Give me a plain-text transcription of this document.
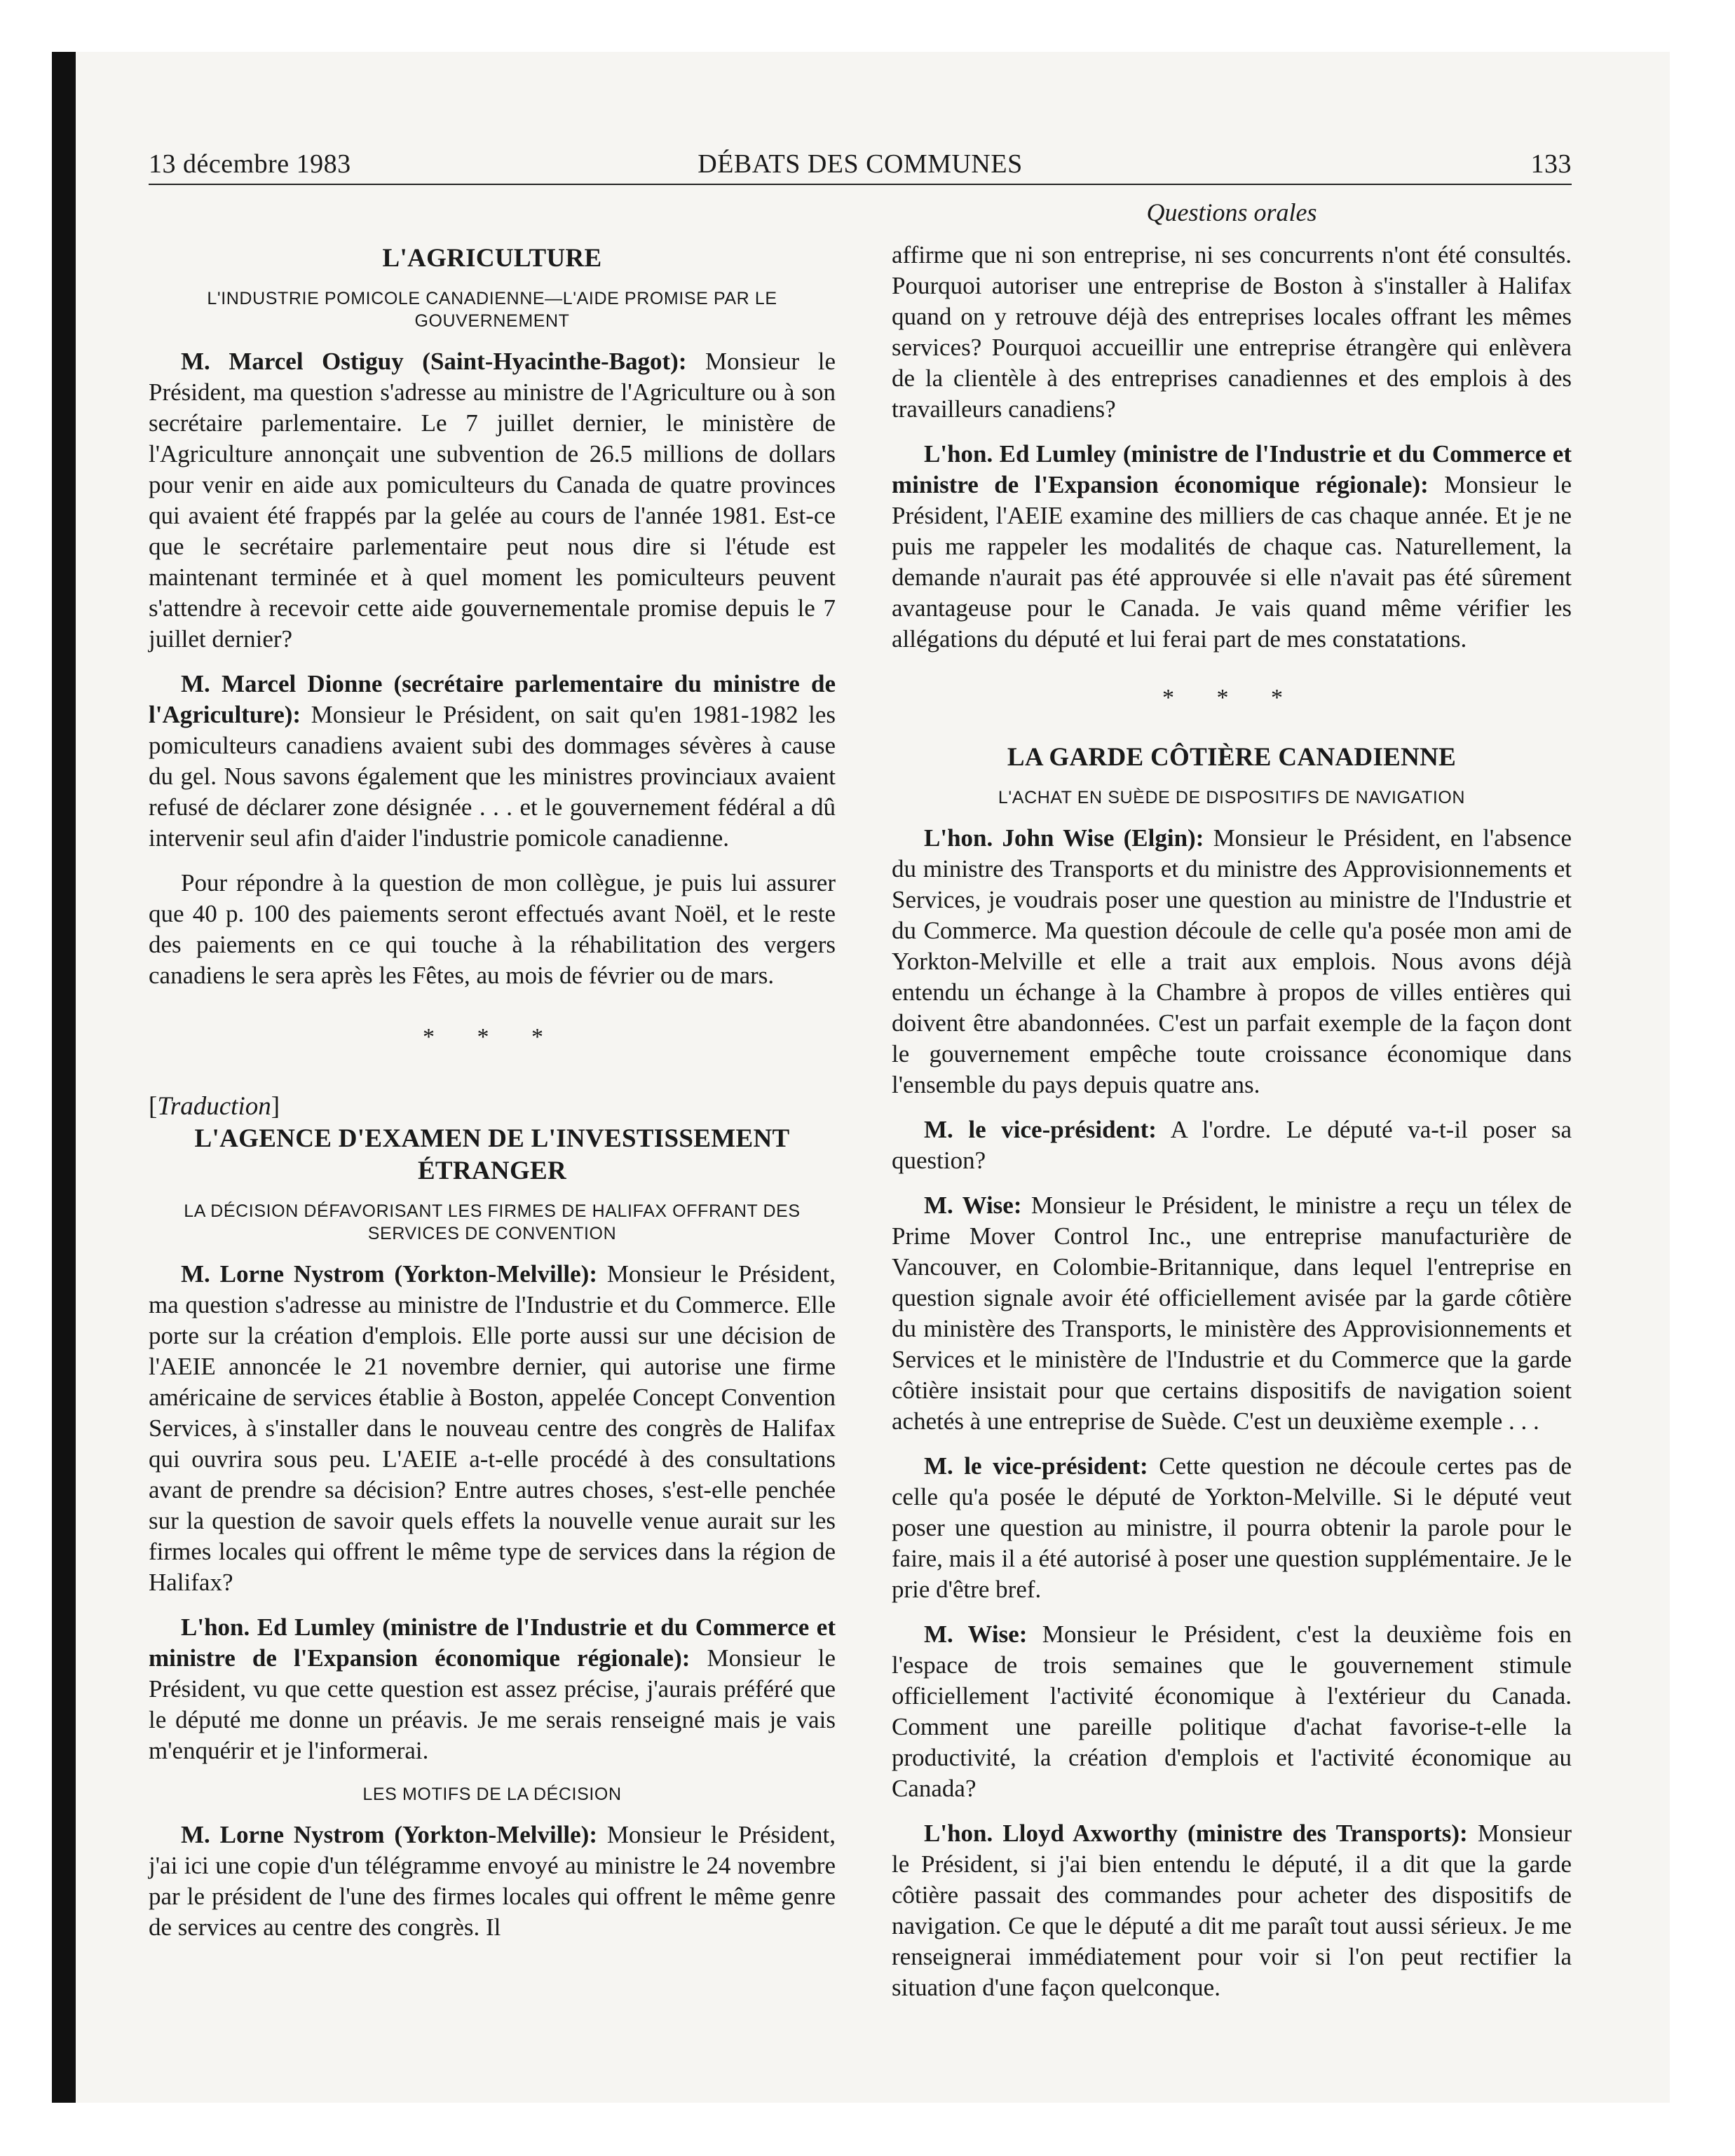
13 décembre 1983	DÉBATS DES COMMUNES	133
Questions orales
L'AGRICULTURE
L'INDUSTRIE POMICOLE CANADIENNE—L'AIDE PROMISE PAR LE GOUVERNEMENT

M. Marcel Ostiguy (Saint-Hyacinthe-Bagot): Monsieur le Président, ma question s'adresse au ministre de l'Agriculture ou à son secrétaire parlementaire. Le 7 juillet dernier, le ministère de l'Agriculture annonçait une subvention de 26.5 millions de dollars pour venir en aide aux pomiculteurs du Canada de quatre provinces qui avaient été frappés par la gelée au cours de l'année 1981. Est-ce que le secrétaire parlementaire peut nous dire si l'étude est maintenant terminée et à quel moment les pomiculteurs peuvent s'attendre à recevoir cette aide gouvernementale promise depuis le 7 juillet dernier?

M. Marcel Dionne (secrétaire parlementaire du ministre de l'Agriculture): Monsieur le Président, on sait qu'en 1981-1982 les pomiculteurs canadiens avaient subi des dommages sévères à cause du gel. Nous savons également que les ministres provinciaux avaient refusé de déclarer zone désignée . . . et le gouvernement fédéral a dû intervenir seul afin d'aider l'industrie pomicole canadienne.

Pour répondre à la question de mon collègue, je puis lui assurer que 40 p. 100 des paiements seront effectués avant Noël, et le reste des paiements en ce qui touche à la réhabilitation des vergers canadiens le sera après les Fêtes, au mois de février ou de mars.

* * *
[Traduction]
L'AGENCE D'EXAMEN DE L'INVESTISSEMENT ÉTRANGER
LA DÉCISION DÉFAVORISANT LES FIRMES DE HALIFAX OFFRANT DES SERVICES DE CONVENTION

M. Lorne Nystrom (Yorkton-Melville): Monsieur le Président, ma question s'adresse au ministre de l'Industrie et du Commerce. Elle porte sur la création d'emplois. Elle porte aussi sur une décision de l'AEIE annoncée le 21 novembre dernier, qui autorise une firme américaine de services établie à Boston, appelée Concept Convention Services, à s'installer dans le nouveau centre des congrès de Halifax qui ouvrira sous peu. L'AEIE a-t-elle procédé à des consultations avant de prendre sa décision? Entre autres choses, s'est-elle penchée sur la question de savoir quels effets la nouvelle venue aurait sur les firmes locales qui offrent le même type de services dans la région de Halifax?

L'hon. Ed Lumley (ministre de l'Industrie et du Commerce et ministre de l'Expansion économique régionale): Monsieur le Président, vu que cette question est assez précise, j'aurais préféré que le député me donne un préavis. Je me serais renseigné mais je vais m'enquérir et je l'informerai.

LES MOTIFS DE LA DÉCISION

M. Lorne Nystrom (Yorkton-Melville): Monsieur le Président, j'ai ici une copie d'un télégramme envoyé au ministre le 24 novembre par le président de l'une des firmes locales qui offrent le même genre de services au centre des congrès. Il

affirme que ni son entreprise, ni ses concurrents n'ont été consultés. Pourquoi autoriser une entreprise de Boston à s'installer à Halifax quand on y retrouve déjà des entreprises locales offrant les mêmes services? Pourquoi accueillir une entreprise étrangère qui enlèvera de la clientèle à des entreprises canadiennes et des emplois à des travailleurs canadiens?

L'hon. Ed Lumley (ministre de l'Industrie et du Commerce et ministre de l'Expansion économique régionale): Monsieur le Président, l'AEIE examine des milliers de cas chaque année. Et je ne puis me rappeler les modalités de chaque cas. Naturellement, la demande n'aurait pas été approuvée si elle n'avait pas été sûrement avantageuse pour le Canada. Je vais quand même vérifier les allégations du député et lui ferai part de mes constatations.

* * *
LA GARDE CÔTIÈRE CANADIENNE
L'ACHAT EN SUÈDE DE DISPOSITIFS DE NAVIGATION

L'hon. John Wise (Elgin): Monsieur le Président, en l'absence du ministre des Transports et du ministre des Approvisionnements et Services, je voudrais poser une question au ministre de l'Industrie et du Commerce. Ma question découle de celle qu'a posée mon ami de Yorkton-Melville et elle a trait aux emplois. Nous avons déjà entendu un échange à la Chambre à propos de villes entières qui doivent être abandonnées. C'est un parfait exemple de la façon dont le gouvernement empêche toute croissance économique dans l'ensemble du pays depuis quatre ans.

M. le vice-président: A l'ordre. Le député va-t-il poser sa question?

M. Wise: Monsieur le Président, le ministre a reçu un télex de Prime Mover Control Inc., une entreprise manufacturière de Vancouver, en Colombie-Britannique, dans lequel l'entreprise en question signale avoir été officiellement avisée par la garde côtière du ministère des Transports, le ministère des Approvisionnements et Services et le ministère de l'Industrie et du Commerce que la garde côtière insistait pour que certains dispositifs de navigation soient achetés à une entreprise de Suède. C'est un deuxième exemple . . .

M. le vice-président: Cette question ne découle certes pas de celle qu'a posée le député de Yorkton-Melville. Si le député veut poser une question au ministre, il pourra obtenir la parole pour le faire, mais il a été autorisé à poser une question supplémentaire. Je le prie d'être bref.

M. Wise: Monsieur le Président, c'est la deuxième fois en l'espace de trois semaines que le gouvernement stimule officiellement l'activité économique à l'extérieur du Canada. Comment une pareille politique d'achat favorise-t-elle la productivité, la création d'emplois et l'activité économique au Canada?

L'hon. Lloyd Axworthy (ministre des Transports): Monsieur le Président, si j'ai bien entendu le député, il a dit que la garde côtière passait des commandes pour acheter des dispositifs de navigation. Ce que le député a dit me paraît tout aussi sérieux. Je me renseignerai immédiatement pour voir si l'on peut rectifier la situation d'une façon quelconque.
